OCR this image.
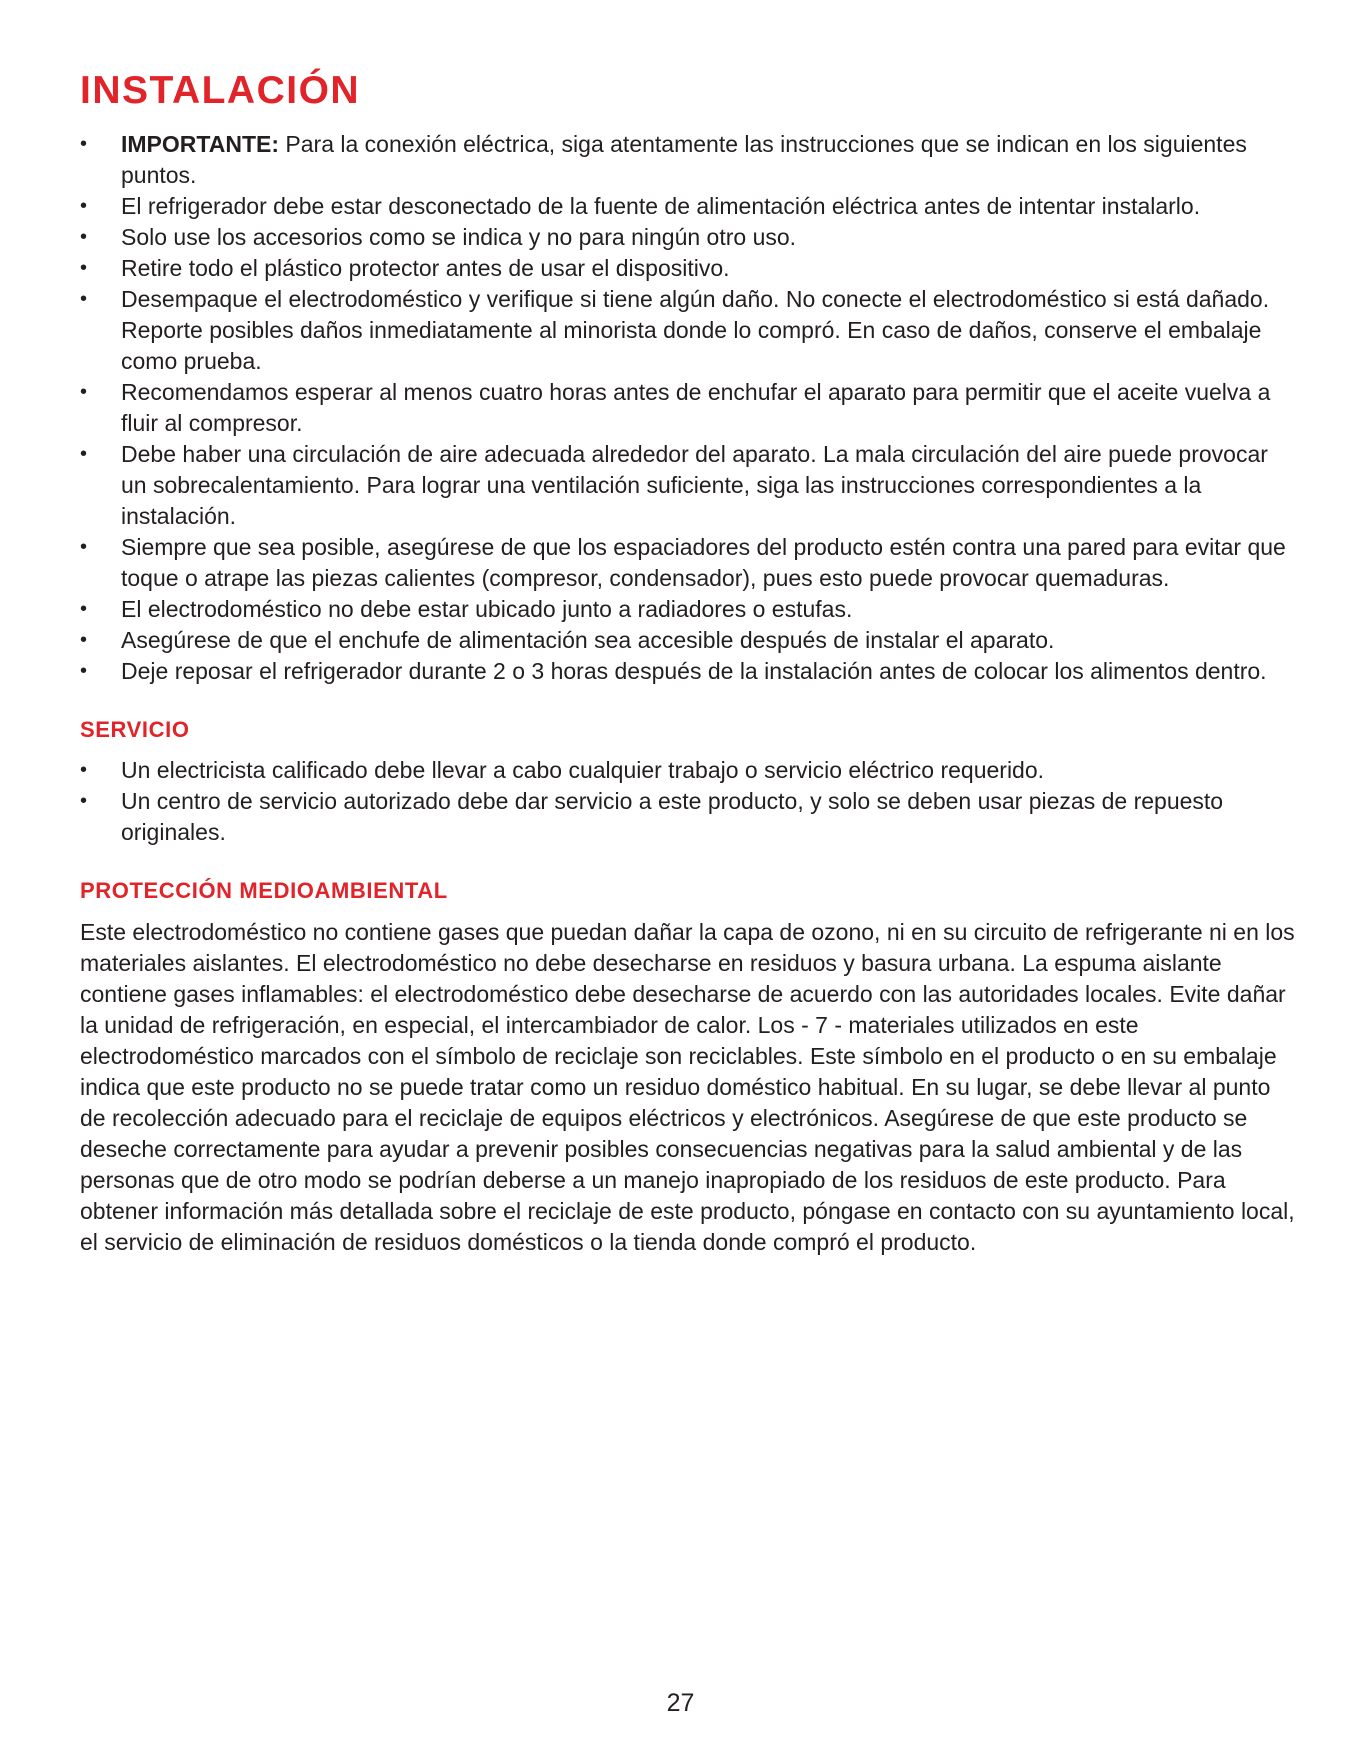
INSTALACIÓN
• IMPORTANTE: Para la conexión eléctrica, siga atentamente las instrucciones que se indican en los siguientes puntos.
• El refrigerador debe estar desconectado de la fuente de alimentación eléctrica antes de intentar instalarlo.
• Solo use los accesorios como se indica y no para ningún otro uso.
• Retire todo el plástico protector antes de usar el dispositivo.
• Desempaque el electrodoméstico y verifique si tiene algún daño. No conecte el electrodoméstico si está dañado. Reporte posibles daños inmediatamente al minorista donde lo compró. En caso de daños, conserve el embalaje como prueba.
• Recomendamos esperar al menos cuatro horas antes de enchufar el aparato para permitir que el aceite vuelva a fluir al compresor.
• Debe haber una circulación de aire adecuada alrededor del aparato. La mala circulación del aire puede provocar un sobrecalentamiento. Para lograr una ventilación suficiente, siga las instrucciones correspondientes a la instalación.
• Siempre que sea posible, asegúrese de que los espaciadores del producto estén contra una pared para evitar que toque o atrape las piezas calientes (compresor, condensador), pues esto puede provocar quemaduras.
• El electrodoméstico no debe estar ubicado junto a radiadores o estufas.
• Asegúrese de que el enchufe de alimentación sea accesible después de instalar el aparato.
• Deje reposar el refrigerador durante 2 o 3 horas después de la instalación antes de colocar los alimentos dentro.
SERVICIO
• Un electricista calificado debe llevar a cabo cualquier trabajo o servicio eléctrico requerido.
• Un centro de servicio autorizado debe dar servicio a este producto, y solo se deben usar piezas de repuesto originales.
PROTECCIÓN MEDIOAMBIENTAL

Este electrodoméstico no contiene gases que puedan dañar la capa de ozono, ni en su circuito de refrigerante ni en los materiales aislantes. El electrodoméstico no debe desecharse en residuos y basura urbana. La espuma aislante contiene gases inflamables: el electrodoméstico debe desecharse de acuerdo con las autoridades locales. Evite dañar la unidad de refrigeración, en especial, el intercambiador de calor. Los - 7 - materiales utilizados en este electrodoméstico marcados con el símbolo de reciclaje son reciclables. Este símbolo en el producto o en su embalaje indica que este producto no se puede tratar como un residuo doméstico habitual. En su lugar, se debe llevar al punto de recolección adecuado para el reciclaje de equipos eléctricos y electrónicos. Asegúrese de que este producto se deseche correctamente para ayudar a prevenir posibles consecuencias negativas para la salud ambiental y de las personas que de otro modo se podrían deberse a un manejo inapropiado de los residuos de este producto. Para obtener información más detallada sobre el reciclaje de este producto, póngase en contacto con su ayuntamiento local, el servicio de eliminación de residuos domésticos o la tienda donde compró el producto.

27
